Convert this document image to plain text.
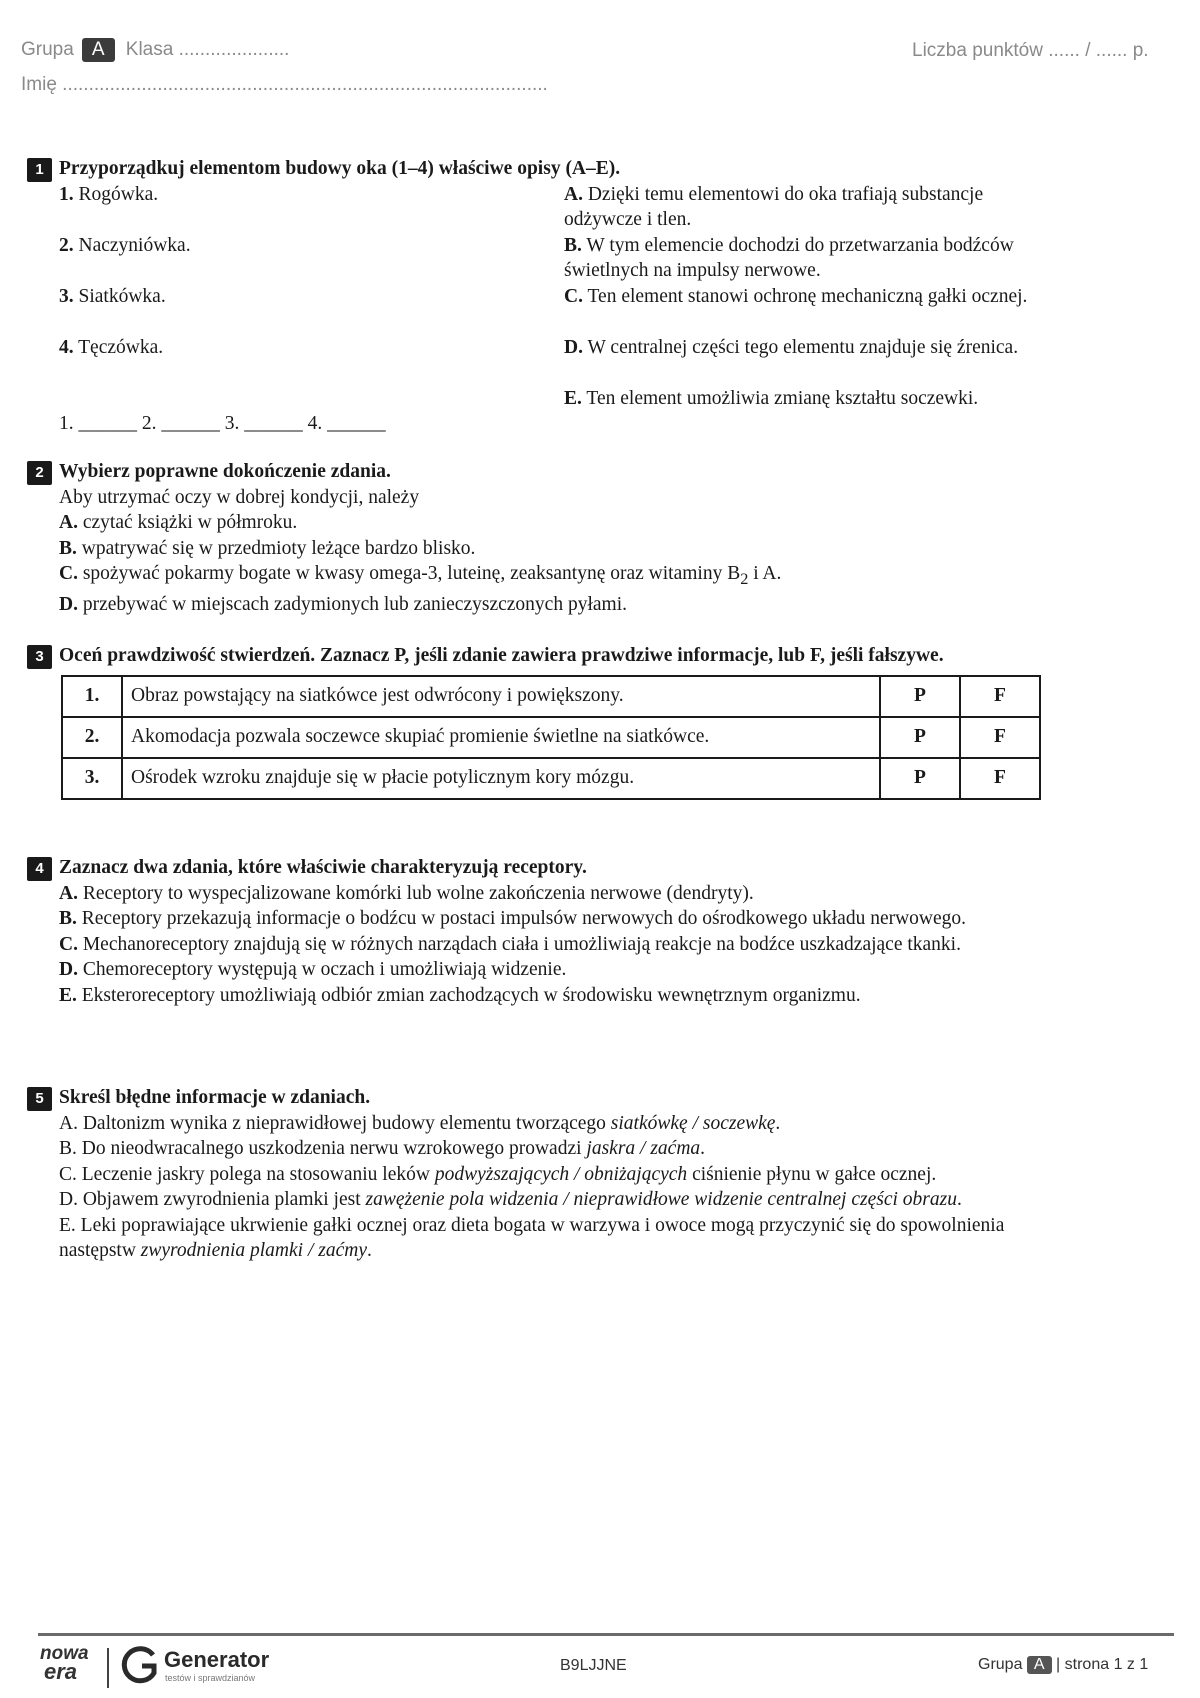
Grupa A Klasa .....................	Liczba punktów ...... / ...... p.
Imię ............................................................................................
1 Przyporządkuj elementom budowy oka (1–4) właściwe opisy (A–E).
1. Rogówka.	A. Dzięki temu elementowi do oka trafiają substancje odżywcze i tlen.
2. Naczyniówka.	B. W tym elemencie dochodzi do przetwarzania bodźców świetlnych na impulsy nerwowe.
3. Siatkówka.	C. Ten element stanowi ochronę mechaniczną gałki ocznej.
4. Tęczówka.	D. W centralnej części tego elementu znajduje się źrenica.
E. Ten element umożliwia zmianę kształtu soczewki.
1. ______ 2. ______ 3. ______ 4. ______
2 Wybierz poprawne dokończenie zdania.
Aby utrzymać oczy w dobrej kondycji, należy
A. czytać książki w półmroku.
B. wpatrywać się w przedmioty leżące bardzo blisko.
C. spożywać pokarmy bogate w kwasy omega-3, luteinę, zeaksantynę oraz witaminy $B_2$ i A.
D. przebywać w miejscach zadymionych lub zanieczyszczonych pyłami.
3 Oceń prawdziwość stwierdzeń. Zaznacz P, jeśli zdanie zawiera prawdziwe informacje, lub F, jeśli fałszywe.
1.	Obraz powstający na siatkówce jest odwrócony i powiększony.	P	F
2.	Akomodacja pozwala soczewce skupiać promienie świetlne na siatkówce.	P	F
3.	Ośrodek wzroku znajduje się w płacie potylicznym kory mózgu.	P	F
4 Zaznacz dwa zdania, które właściwie charakteryzują receptory.
A. Receptory to wyspecjalizowane komórki lub wolne zakończenia nerwowe (dendryty).
B. Receptory przekazują informacje o bodźcu w postaci impulsów nerwowych do ośrodkowego układu nerwowego.
C. Mechanoreceptory znajdują się w różnych narządach ciała i umożliwiają reakcje na bodźce uszkadzające tkanki.
D. Chemoreceptory występują w oczach i umożliwiają widzenie.
E. Eksteroreceptory umożliwiają odbiór zmian zachodzących w środowisku wewnętrznym organizmu.
5 Skreśl błędne informacje w zdaniach.
A. Daltonizm wynika z nieprawidłowej budowy elementu tworzącego siatkówkę / soczewkę.
B. Do nieodwracalnego uszkodzenia nerwu wzrokowego prowadzi jaskra / zaćma.
C. Leczenie jaskry polega na stosowaniu leków podwyższających / obniżających ciśnienie płynu w gałce ocznej.
D. Objawem zwyrodnienia plamki jest zawężenie pola widzenia / nieprawidłowe widzenie centralnej części obrazu.
E. Leki poprawiające ukrwienie gałki ocznej oraz dieta bogata w warzywa i owoce mogą przyczynić się do spowolnienia następstw zwyrodnienia plamki / zaćmy.
nowa
era	Generator
testów i sprawdzianów
B9LJJNE	Grupa A | strona 1 z 1
